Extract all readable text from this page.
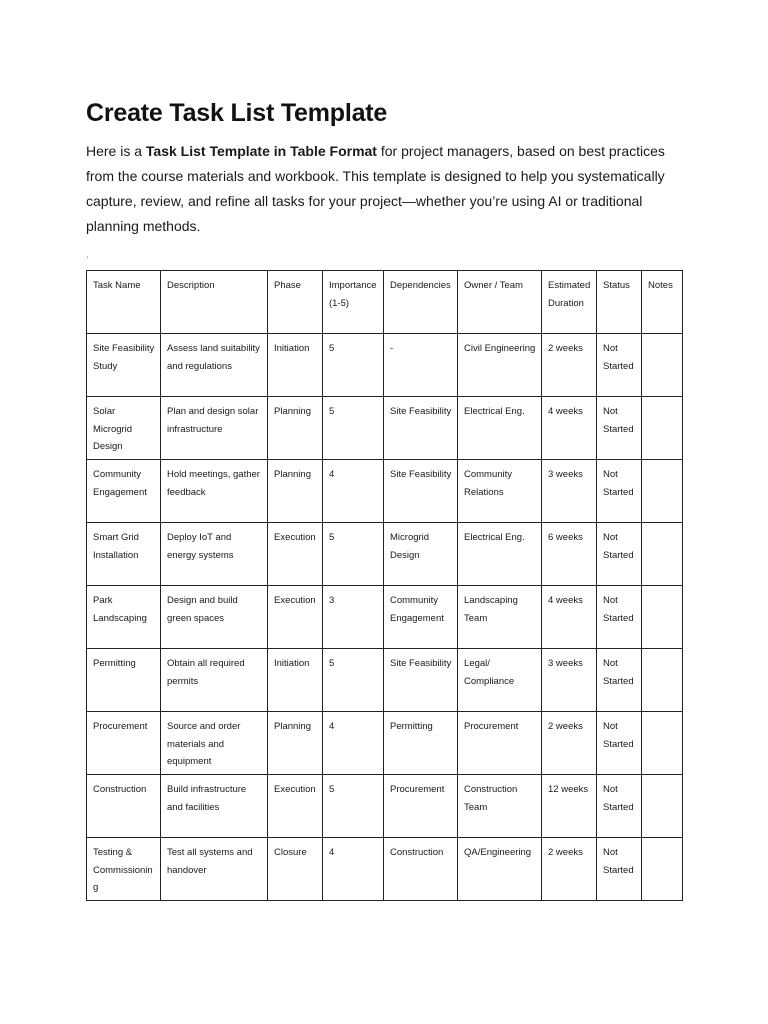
Create Task List Template

Here is a Task List Template in Table Format for project managers, based on best practices from the course materials and workbook. This template is designed to help you systematically capture, review, and refine all tasks for your project—whether you’re using AI or traditional planning methods.

ˌ
Task Name	Description	Phase	Importance (1-5)	Dependencies	Owner / Team	Estimated Duration	Status	Notes
Site Feasibility Study	Assess land suitability and regulations	Initiation	5	-	Civil Engineering	2 weeks	Not Started	
Solar Microgrid Design	Plan and design solar infrastructure	Planning	5	Site Feasibility	Electrical Eng.	4 weeks	Not Started	
Community Engagement	Hold meetings, gather feedback	Planning	4	Site Feasibility	Community Relations	3 weeks	Not Started	
Smart Grid Installation	Deploy IoT and energy systems	Execution	5	Microgrid Design	Electrical Eng.	6 weeks	Not Started	
Park Landscaping	Design and build green spaces	Execution	3	Community Engagement	Landscaping Team	4 weeks	Not Started	
Permitting	Obtain all required permits	Initiation	5	Site Feasibility	Legal/ Compliance	3 weeks	Not Started	
Procurement	Source and order materials and equipment	Planning	4	Permitting	Procurement	2 weeks	Not Started	
Construction	Build infrastructure and facilities	Execution	5	Procurement	Construction Team	12 weeks	Not Started	
Testing & Commissioning	Test all systems and handover	Closure	4	Construction	QA/Engineering	2 weeks	Not Started	
